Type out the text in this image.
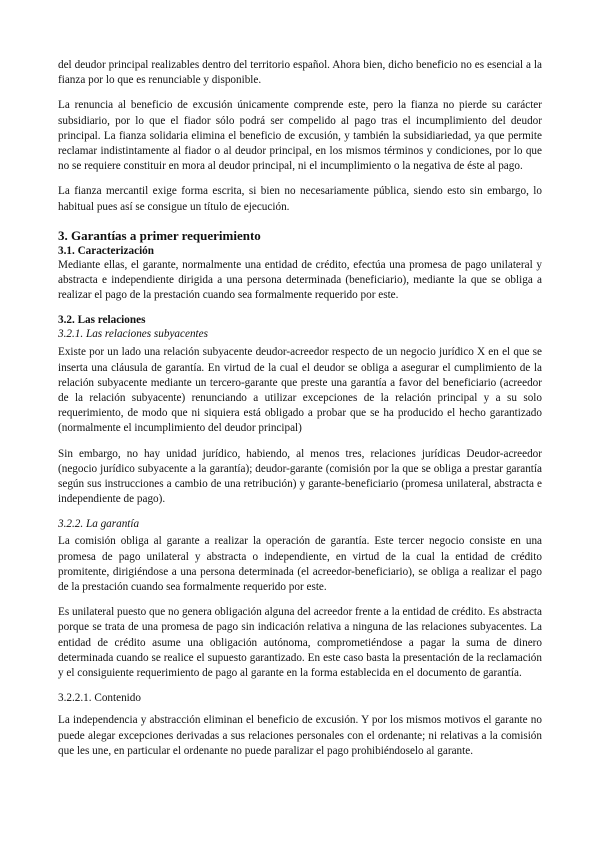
del deudor principal realizables dentro del territorio español. Ahora bien, dicho beneficio no es esencial a la fianza por lo que es renunciable y disponible.

La renuncia al beneficio de excusión únicamente comprende este, pero la fianza no pierde su carácter subsidiario, por lo que el fiador sólo podrá ser compelido al pago tras el incumplimiento del deudor principal. La fianza solidaria elimina el beneficio de excusión, y también la subsidiariedad, ya que permite reclamar indistintamente al fiador o al deudor principal, en los mismos términos y condiciones, por lo que no se requiere constituir en mora al deudor principal, ni el incumplimiento o la negativa de éste al pago.

La fianza mercantil exige forma escrita, si bien no necesariamente pública, siendo esto sin embargo, lo habitual pues así se consigue un título de ejecución.

3. Garantías a primer requerimiento
3.1. Caracterización

Mediante ellas, el garante, normalmente una entidad de crédito, efectúa una promesa de pago unilateral y abstracta e independiente dirigida a una persona determinada (beneficiario), mediante la que se obliga a realizar el pago de la prestación cuando sea formalmente requerido por este.

3.2. Las relaciones
3.2.1. Las relaciones subyacentes

Existe por un lado una relación subyacente deudor-acreedor respecto de un negocio jurídico X en el que se inserta una cláusula de garantía. En virtud de la cual el deudor se obliga a asegurar el cumplimiento de la relación subyacente mediante un tercero-garante que preste una garantía a favor del beneficiario (acreedor de la relación subyacente) renunciando a utilizar excepciones de la relación principal y a su solo requerimiento, de modo que ni siquiera está obligado a probar que se ha producido el hecho garantizado (normalmente el incumplimiento del deudor principal)

Sin embargo, no hay unidad jurídico, habiendo, al menos tres, relaciones jurídicas Deudor-acreedor (negocio jurídico subyacente a la garantía); deudor-garante (comisión por la que se obliga a prestar garantía según sus instrucciones a cambio de una retribución) y garante-beneficiario (promesa unilateral, abstracta e independiente de pago).

3.2.2. La garantía

La comisión obliga al garante a realizar la operación de garantía. Este tercer negocio consiste en una promesa de pago unilateral y abstracta o independiente, en virtud de la cual la entidad de crédito promitente, dirigiéndose a una persona determinada (el acreedor-beneficiario), se obliga a realizar el pago de la prestación cuando sea formalmente requerido por este.

Es unilateral puesto que no genera obligación alguna del acreedor frente a la entidad de crédito. Es abstracta porque se trata de una promesa de pago sin indicación relativa a ninguna de las relaciones subyacentes. La entidad de crédito asume una obligación autónoma, comprometiéndose a pagar la suma de dinero determinada cuando se realice el supuesto garantizado. En este caso basta la presentación de la reclamación y el consiguiente requerimiento de pago al garante en la forma establecida en el documento de garantía.

3.2.2.1. Contenido

La independencia y abstracción eliminan el beneficio de excusión. Y por los mismos motivos el garante no puede alegar excepciones derivadas a sus relaciones personales con el ordenante; ni relativas a la comisión que les une, en particular el ordenante no puede paralizar el pago prohibiéndoselo al garante.
